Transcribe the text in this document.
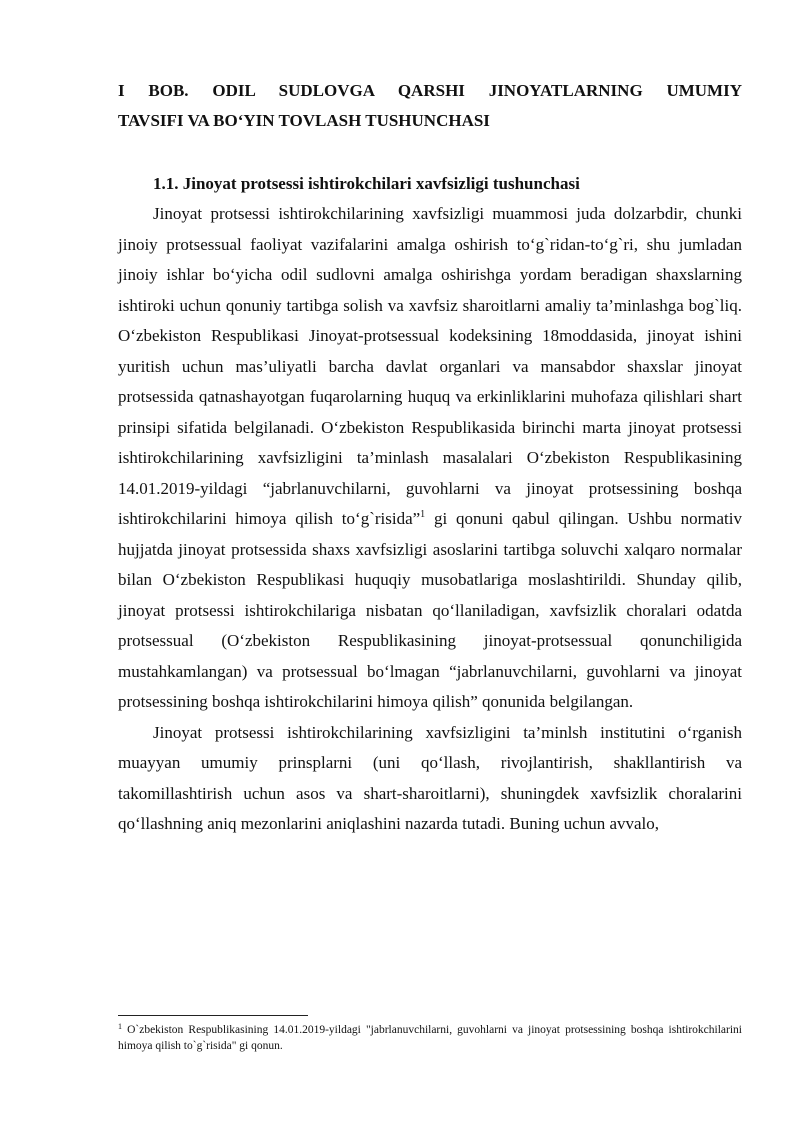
I BOB. ODIL SUDLOVGA QARSHI JINOYATLARNING UMUMIY
TAVSIFI VA BO‘YIN TOVLASH TUSHUNCHASI
1.1. Jinoyat protsessi ishtirokchilari xavfsizligi tushunchasi

Jinoyat protsessi ishtirokchilarining xavfsizligi muammosi juda dolzarbdir, chunki jinoiy protsessual faoliyat vazifalarini amalga oshirish to‘g`ridan-to‘g`ri, shu jumladan jinoiy ishlar bo‘yicha odil sudlovni amalga oshirishga yordam beradigan shaxslarning ishtiroki uchun qonuniy tartibga solish va xavfsiz sharoitlarni amaliy ta’minlashga bog`liq. O‘zbekiston Respublikasi Jinoyat-protsessual kodeksining 18moddasida, jinoyat ishini yuritish uchun mas’uliyatli barcha davlat organlari va mansabdor shaxslar jinoyat protsessida qatnashayotgan fuqarolarning huquq va erkinliklarini muhofaza qilishlari shart prinsipi sifatida belgilanadi. O‘zbekiston Respublikasida birinchi marta jinoyat protsessi ishtirokchilarining xavfsizligini ta’minlash masalalari O‘zbekiston Respublikasining 14.01.2019-yildagi “jabrlanuvchilarni, guvohlarni va jinoyat protsessining boshqa ishtirokchilarini himoya qilish to‘g`risida”$^1$ gi qonuni qabul qilingan. Ushbu normativ hujjatda jinoyat protsessida shaxs xavfsizligi asoslarini tartibga soluvchi xalqaro normalar bilan O‘zbekiston Respublikasi huquqiy musobatlariga moslashtirildi. Shunday qilib, jinoyat protsessi ishtirokchilariga nisbatan qo‘llaniladigan, xavfsizlik choralari odatda protsessual (O‘zbekiston Respublikasining jinoyat-protsessual qonunchiligida mustahkamlangan) va protsessual bo‘lmagan “jabrlanuvchilarni, guvohlarni va jinoyat protsessining boshqa ishtirokchilarini himoya qilish” qonunida belgilangan.

Jinoyat protsessi ishtirokchilarining xavfsizligini ta’minlsh institutini o‘rganish muayyan umumiy prinsplarni (uni qo‘llash, rivojlantirish, shakllantirish va takomillashtirish uchun asos va shart-sharoitlarni), shuningdek xavfsizlik choralarini qo‘llashning aniq mezonlarini aniqlashini nazarda tutadi. Buning uchun avvalo,

$^1$ O`zbekiston Respublikasining 14.01.2019-yildagi "jabrlanuvchilarni, guvohlarni va jinoyat protsessining boshqa ishtirokchilarini himoya qilish to`g`risida" gi qonun.
